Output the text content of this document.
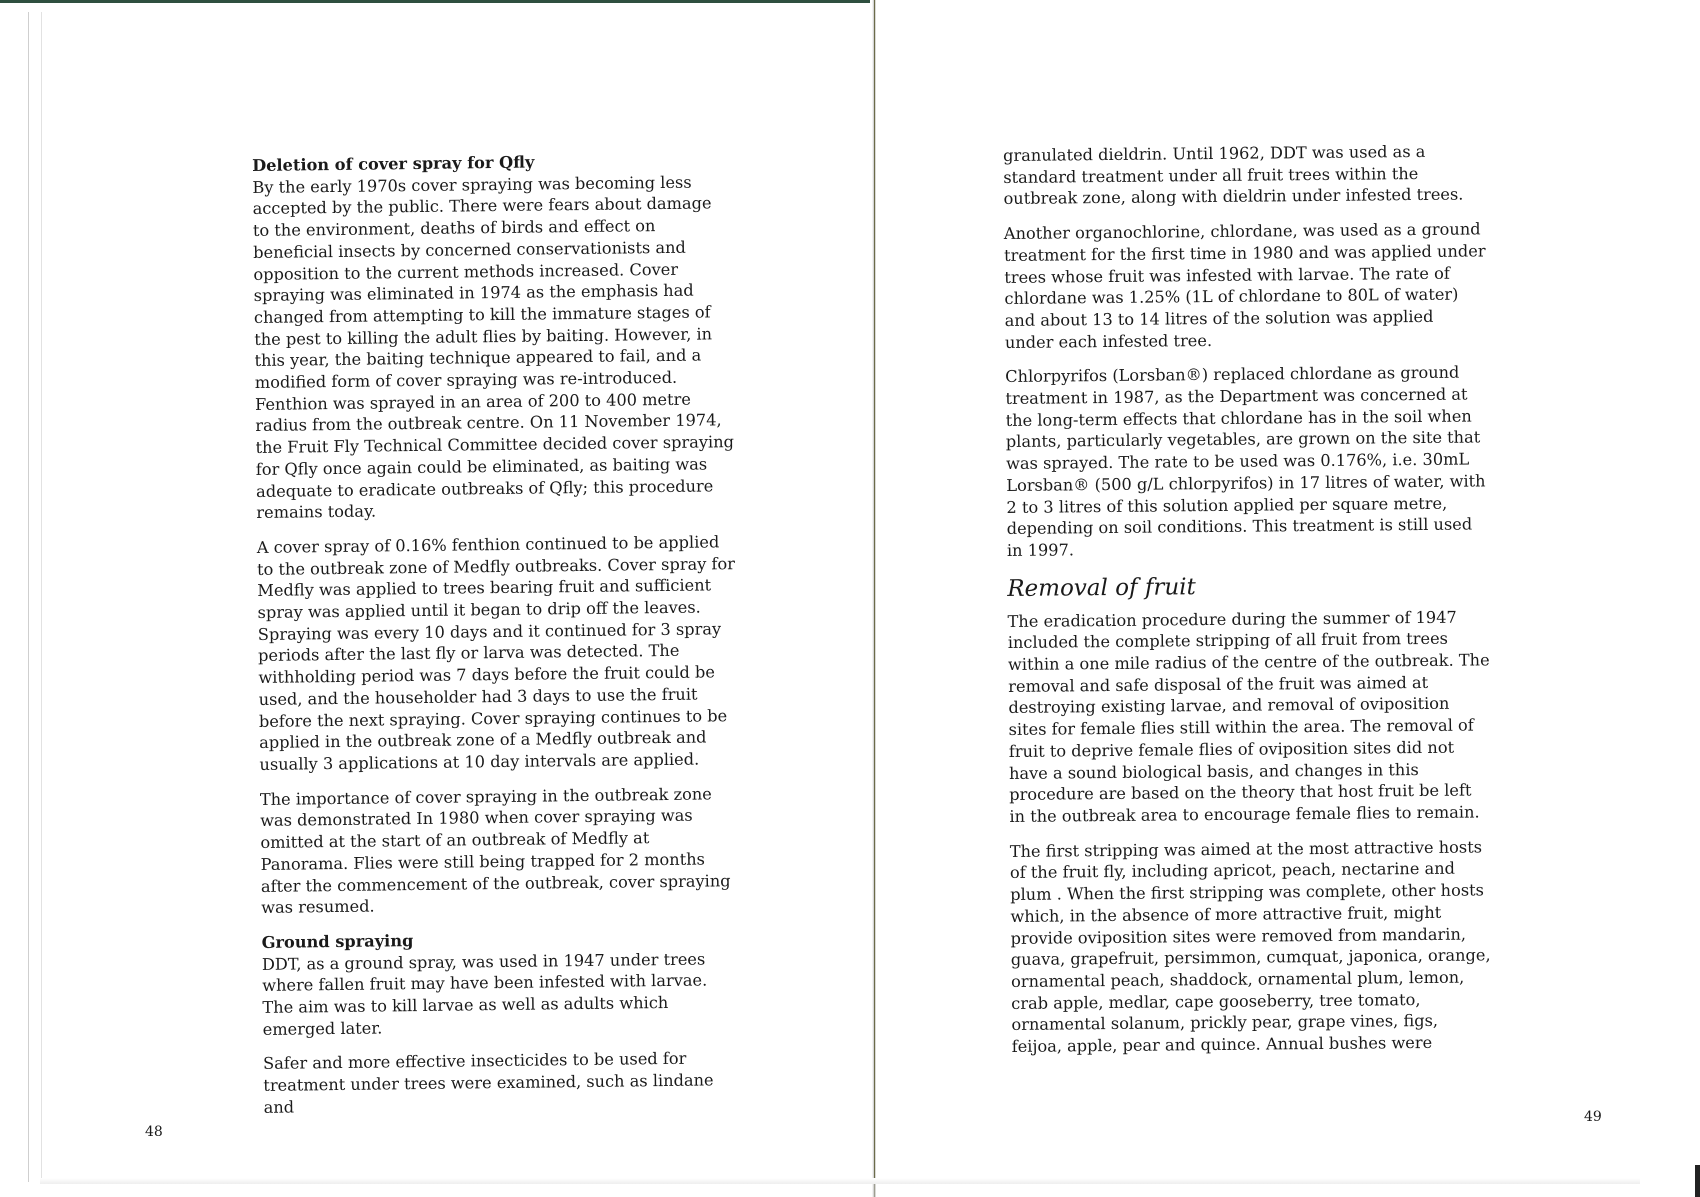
Deletion of cover spray for Qfly

By the early 1970s cover spraying was becoming less accepted by the public. There were fears about damage to the environment, deaths of birds and effect on beneficial insects by concerned conservationists and opposition to the current methods increased. Cover spraying was eliminated in 1974 as the emphasis had changed from attempting to kill the immature stages of the pest to killing the adult flies by baiting. However, in this year, the baiting technique appeared to fail, and a modified form of cover spraying was re-introduced. Fenthion was sprayed in an area of 200 to 400 metre radius from the outbreak centre. On 11 November 1974, the Fruit Fly Technical Committee decided cover spraying for Qfly once again could be eliminated, as baiting was adequate to eradicate outbreaks of Qfly; this procedure remains today.

A cover spray of 0.16% fenthion continued to be applied to the outbreak zone of Medfly outbreaks. Cover spray for Medfly was applied to trees bearing fruit and sufficient spray was applied until it began to drip off the leaves. Spraying was every 10 days and it continued for 3 spray periods after the last fly or larva was detected. The withholding period was 7 days before the fruit could be used, and the householder had 3 days to use the fruit before the next spraying. Cover spraying continues to be applied in the outbreak zone of a Medfly outbreak and usually 3 applications at 10 day intervals are applied.

The importance of cover spraying in the outbreak zone was demonstrated In 1980 when cover spraying was omitted at the start of an outbreak of Medfly at Panorama. Flies were still being trapped for 2 months after the commencement of the outbreak, cover spraying was resumed.

Ground spraying

DDT, as a ground spray, was used in 1947 under trees where fallen fruit may have been infested with larvae. The aim was to kill larvae as well as adults which emerged later.

Safer and more effective insecticides to be used for treatment under trees were examined, such as lindane and

48

granulated dieldrin. Until 1962, DDT was used as a standard treatment under all fruit trees within the outbreak zone, along with dieldrin under infested trees.

Another organochlorine, chlordane, was used as a ground treatment for the first time in 1980 and was applied under trees whose fruit was infested with larvae. The rate of chlordane was 1.25% (1L of chlordane to 80L of water) and about 13 to 14 litres of the solution was applied under each infested tree.

Chlorpyrifos (Lorsban®) replaced chlordane as ground treatment in 1987, as the Department was concerned at the long-term effects that chlordane has in the soil when plants, particularly vegetables, are grown on the site that was sprayed. The rate to be used was 0.176%, i.e. 30mL Lorsban® (500 g/L chlorpyrifos) in 17 litres of water, with 2 to 3 litres of this solution applied per square metre, depending on soil conditions. This treatment is still used in 1997.

Removal of fruit

The eradication procedure during the summer of 1947 included the complete stripping of all fruit from trees within a one mile radius of the centre of the outbreak. The removal and safe disposal of the fruit was aimed at destroying existing larvae, and removal of oviposition sites for female flies still within the area. The removal of fruit to deprive female flies of oviposition sites did not have a sound biological basis, and changes in this procedure are based on the theory that host fruit be left in the outbreak area to encourage female flies to remain.

The first stripping was aimed at the most attractive hosts of the fruit fly, including apricot, peach, nectarine and plum . When the first stripping was complete, other hosts which, in the absence of more attractive fruit, might provide oviposition sites were removed from mandarin, guava, grapefruit, persimmon, cumquat, japonica, orange, ornamental peach, shaddock, ornamental plum, lemon, crab apple, medlar, cape gooseberry, tree tomato, ornamental solanum, prickly pear, grape vines, figs, feijoa, apple, pear and quince. Annual bushes were

49
